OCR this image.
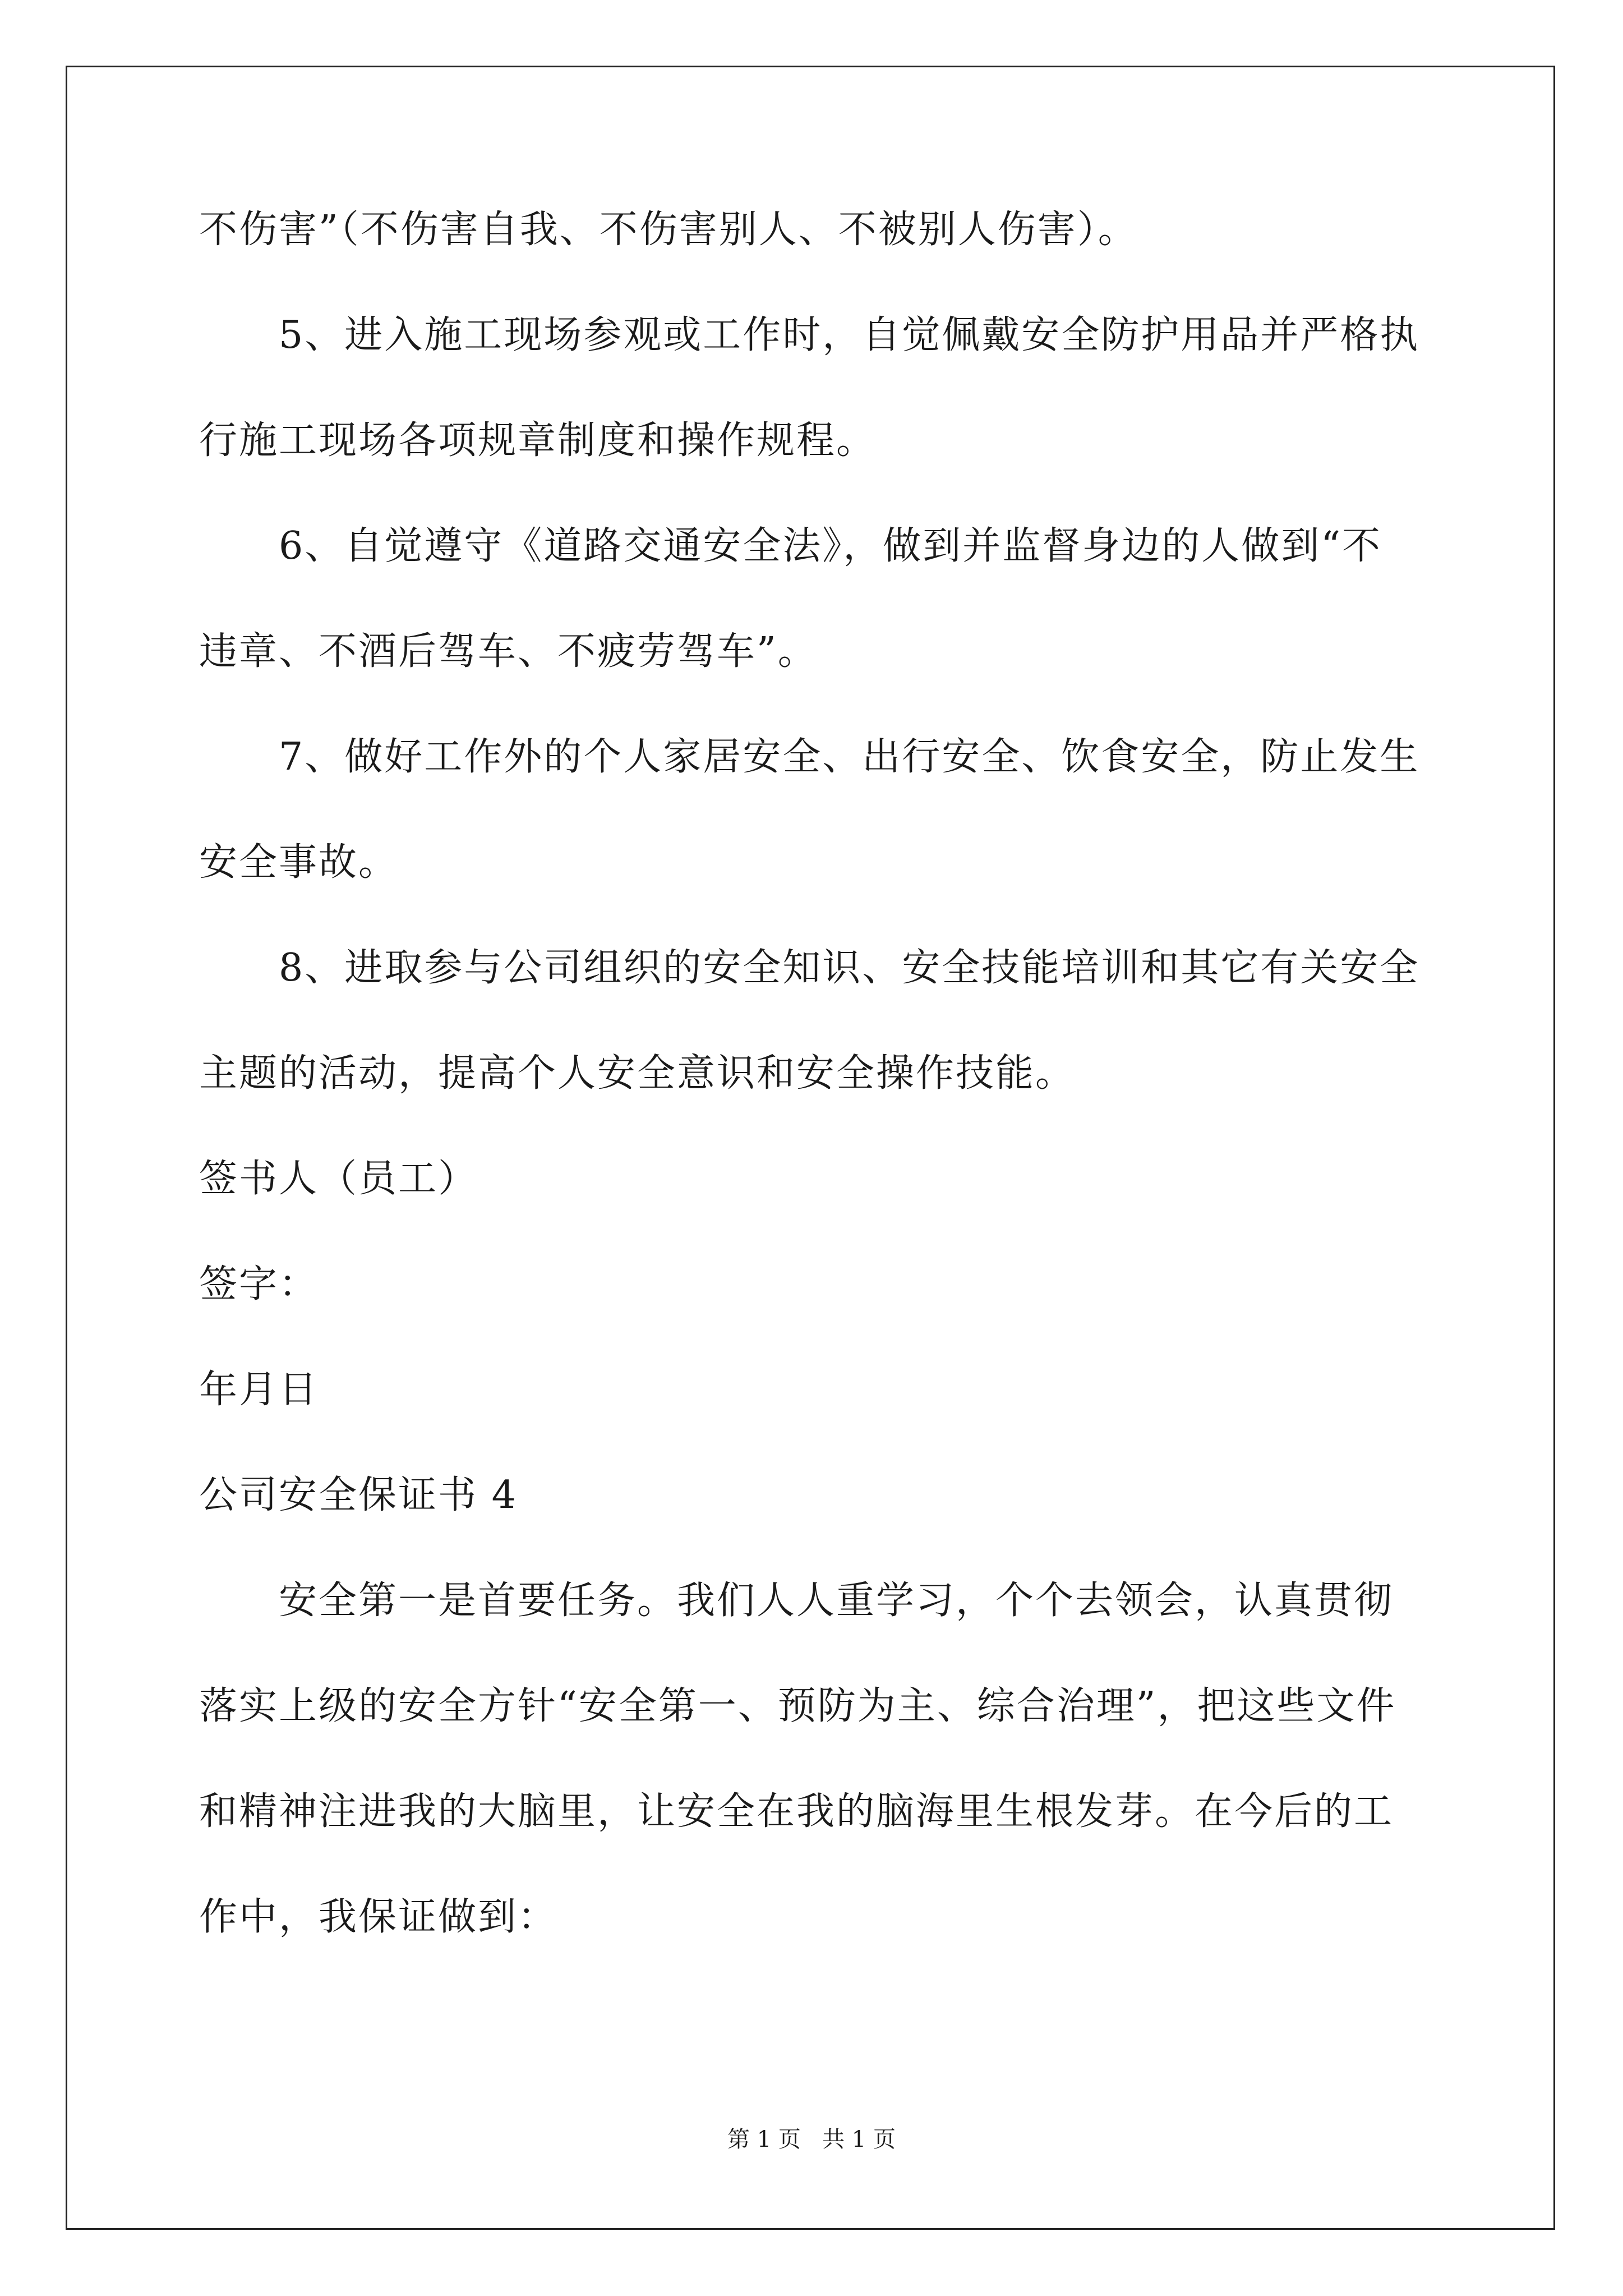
不伤害”（不伤害自我、不伤害别人、不被别人伤害）。
5、进入施工现场参观或工作时，自觉佩戴安全防护用品并严格执
行施工现场各项规章制度和操作规程。
6、自觉遵守《道路交通安全法》，做到并监督身边的人做到“不
违章、不酒后驾车、不疲劳驾车”。
7、做好工作外的个人家居安全、出行安全、饮食安全，防止发生
安全事故。
8、进取参与公司组织的安全知识、安全技能培训和其它有关安全
主题的活动，提高个人安全意识和安全操作技能。
签书人（员工）
签字：
年月日
公司安全保证书 4
安全第一是首要任务。我们人人重学习，个个去领会，认真贯彻
落实上级的安全方针“安全第一、预防为主、综合治理”，把这些文件
和精神注进我的大脑里，让安全在我的脑海里生根发芽。在今后的工
作中，我保证做到：
第 1 页   共 1 页
